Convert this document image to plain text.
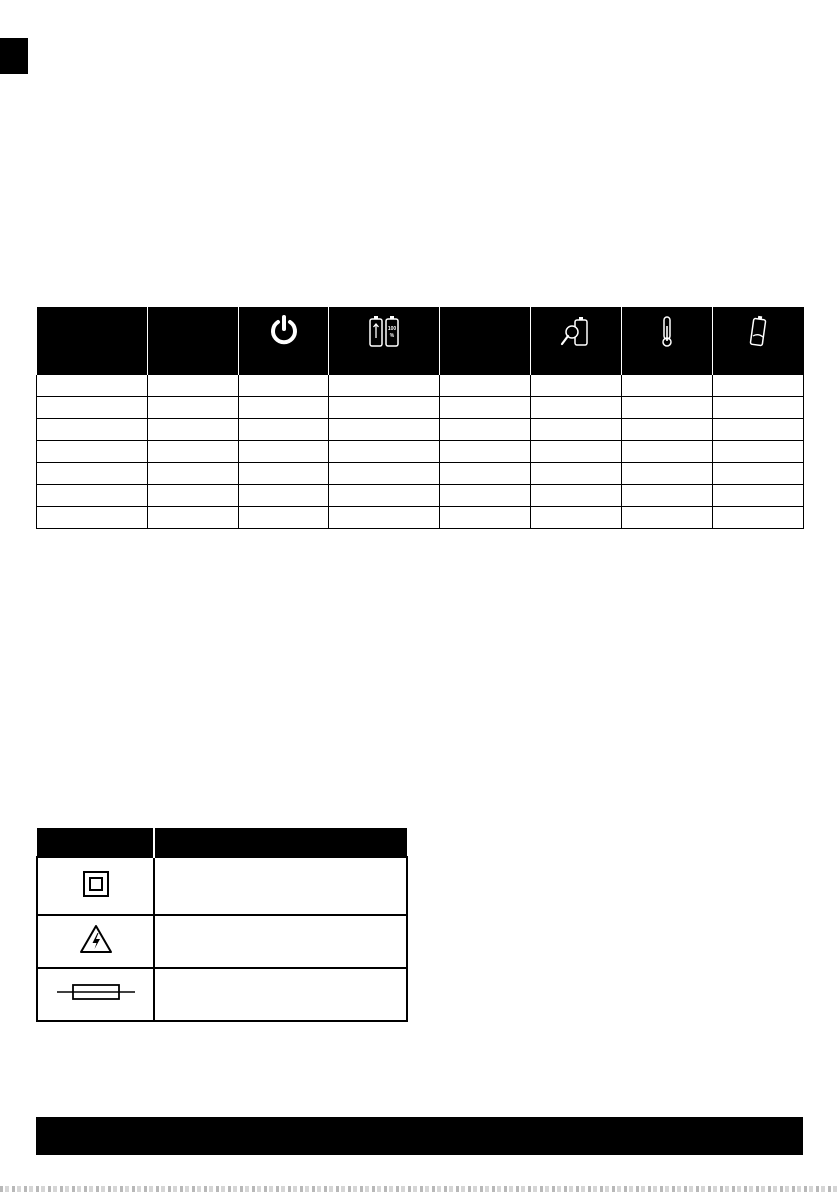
100
%
